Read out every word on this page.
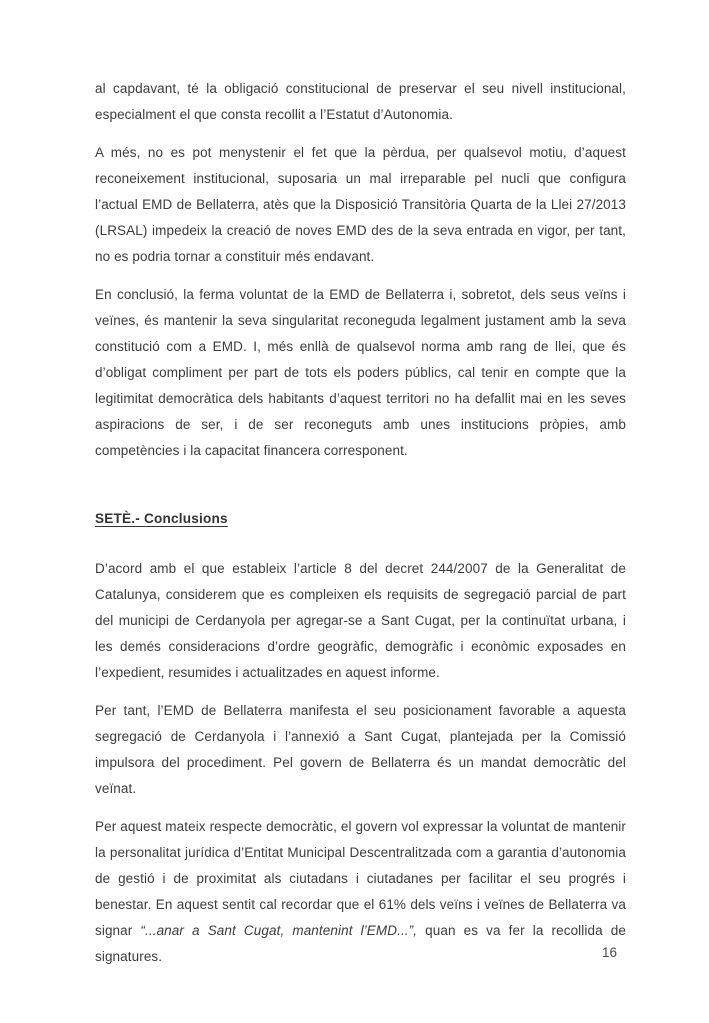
al capdavant, té la obligació constitucional de preservar el seu nivell institucional, especialment el que consta recollit a l’Estatut d’Autonomia.

A més, no es pot menystenir el fet que la pèrdua, per qualsevol motiu, d’aquest reconeixement institucional, suposaria un mal irreparable pel nucli que configura l’actual EMD de Bellaterra, atès que la Disposició Transitòria Quarta de la Llei 27/2013 (LRSAL) impedeix la creació de noves EMD des de la seva entrada en vigor, per tant, no es podria tornar a constituir més endavant.

En conclusió, la ferma voluntat de la EMD de Bellaterra i, sobretot, dels seus veïns i veïnes, és mantenir la seva singularitat reconeguda legalment justament amb la seva constitució com a EMD. I, més enllà de qualsevol norma amb rang de llei, que és d’obligat compliment per part de tots els poders públics, cal tenir en compte que la legitimitat democràtica dels habitants d’aquest territori no ha defallit mai en les seves aspiracions de ser, i de ser reconeguts amb unes institucions pròpies, amb competències i la capacitat financera corresponent.

SETÈ.- Conclusions

D’acord amb el que estableix l’article 8 del decret 244/2007 de la Generalitat de Catalunya, considerem que es compleixen els requisits de segregació parcial de part del municipi de Cerdanyola per agregar-se a Sant Cugat, per la continuïtat urbana, i les demés consideracions d’ordre geogràfic, demogràfic i econòmic exposades en l’expedient, resumides i actualitzades en aquest informe.

Per tant, l’EMD de Bellaterra manifesta el seu posicionament favorable a aquesta segregació de Cerdanyola i l’annexió a Sant Cugat, plantejada per la Comissió impulsora del procediment. Pel govern de Bellaterra és un mandat democràtic del veïnat.

Per aquest mateix respecte democràtic, el govern vol expressar la voluntat de mantenir la personalitat jurídica d’Entitat Municipal Descentralitzada com a garantia d’autonomia de gestió i de proximitat als ciutadans i ciutadanes per facilitar el seu progrés i benestar. En aquest sentit cal recordar que el 61% dels veïns i veïnes de Bellaterra va signar “...anar a Sant Cugat, mantenint l’EMD...”, quan es va fer la recollida de signatures.	16
